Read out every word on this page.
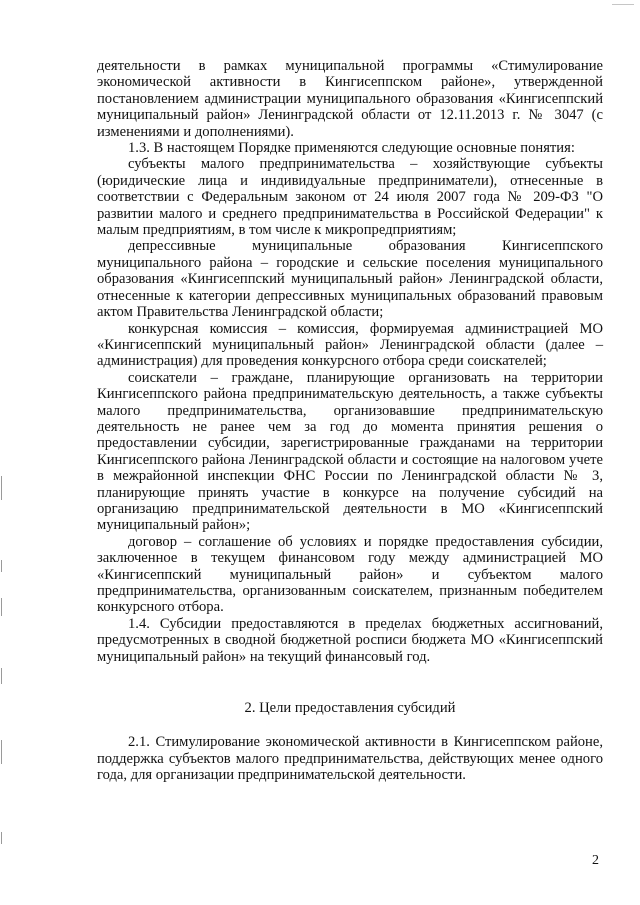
деятельности в рамках муниципальной программы «Стимулирование экономической активности в Кингисеппском районе», утвержденной постановлением администрации муниципального образования «Кингисеппский муниципальный район» Ленинградской области от 12.11.2013 г. № 3047 (с изменениями и дополнениями).

1.3. В настоящем Порядке применяются следующие основные понятия:

субъекты малого предпринимательства – хозяйствующие субъекты (юридические лица и индивидуальные предприниматели), отнесенные в соответствии с Федеральным законом от 24 июля 2007 года № 209-ФЗ "О развитии малого и среднего предпринимательства в Российской Федерации" к малым предприятиям, в том числе к микропредприятиям;

депрессивные муниципальные образования Кингисеппского муниципального района – городские и сельские поселения муниципального образования «Кингисеппский муниципальный район» Ленинградской области, отнесенные к категории депрессивных муниципальных образований правовым актом Правительства Ленинградской области;

конкурсная комиссия – комиссия, формируемая администрацией МО «Кингисеппский муниципальный район» Ленинградской области (далее – администрация) для проведения конкурсного отбора среди соискателей;

соискатели – граждане, планирующие организовать на территории Кингисеппского района предпринимательскую деятельность, а также субъекты малого предпринимательства, организовавшие предпринимательскую деятельность не ранее чем за год до момента принятия решения о предоставлении субсидии, зарегистрированные гражданами на территории Кингисеппского района Ленинградской области и состоящие на налоговом учете в межрайонной инспекции ФНС России по Ленинградской области № 3, планирующие принять участие в конкурсе на получение субсидий на организацию предпринимательской деятельности в МО «Кингисеппский муниципальный район»;

договор – соглашение об условиях и порядке предоставления субсидии, заключенное в текущем финансовом году между администрацией МО «Кингисеппский муниципальный район» и субъектом малого предпринимательства, организованным соискателем, признанным победителем конкурсного отбора.

1.4. Субсидии предоставляются в пределах бюджетных ассигнований, предусмотренных в сводной бюджетной росписи бюджета МО «Кингисеппский муниципальный район» на текущий финансовый год.

2. Цели предоставления субсидий

2.1. Стимулирование экономической активности в Кингисеппском районе, поддержка субъектов малого предпринимательства, действующих менее одного года, для организации предпринимательской деятельности.

2
